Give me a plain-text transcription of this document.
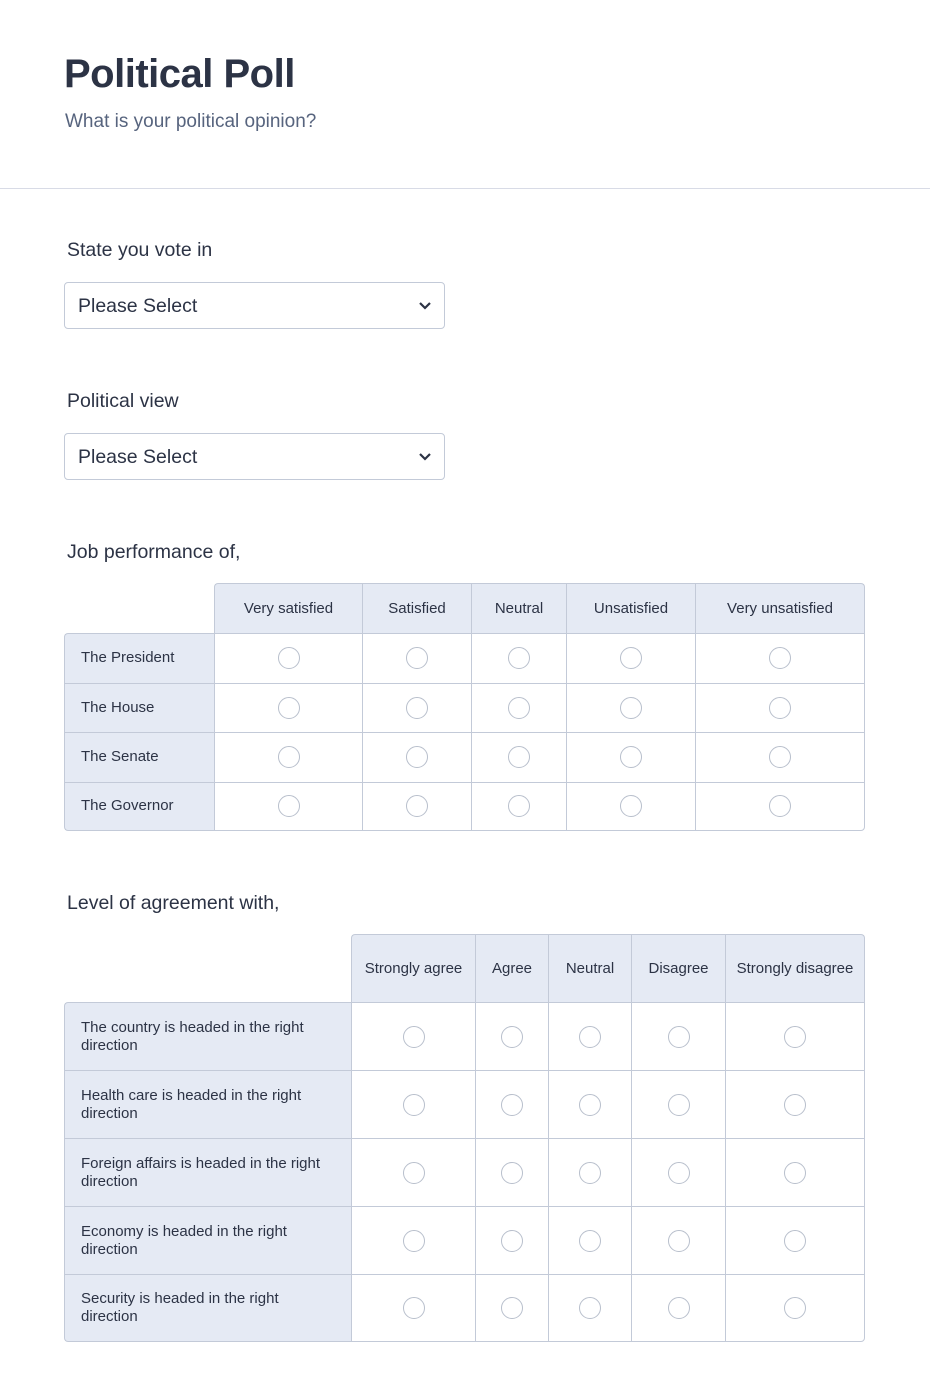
Political Poll
What is your political opinion?
State you vote in
Please Select
Political view
Please Select
Job performance of,
	Very satisfied	Satisfied	Neutral	Unsatisfied	Very unsatisfied
The President					
The House					
The Senate					
The Governor					
Level of agreement with,
	Strongly agree	Agree	Neutral	Disagree	Strongly disagree
The country is headed in the right direction					
Health care is headed in the right direction					
Foreign affairs is headed in the right direction					
Economy is headed in the right direction					
Security is headed in the right direction					
